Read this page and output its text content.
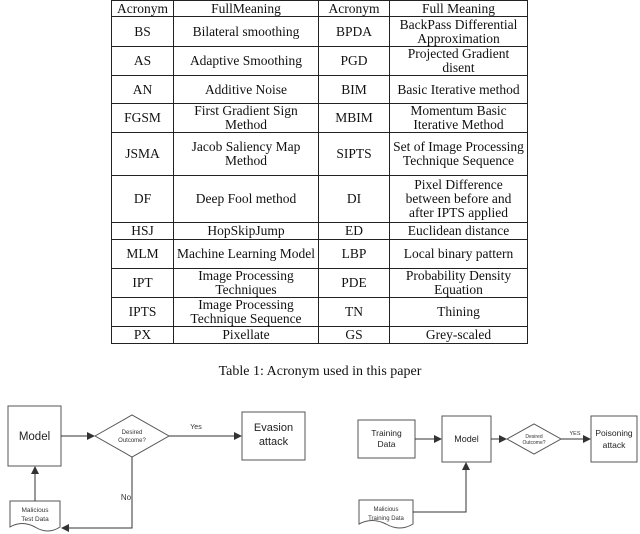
Acronym	FullMeaning	Acronym	Full Meaning
BS	Bilateral smoothing	BPDA	BackPass Differential Approximation
AS	Adaptive Smoothing	PGD	Projected Gradient disent
AN	Additive Noise	BIM	Basic Iterative method
FGSM	First Gradient Sign Method	MBIM	Momentum Basic Iterative Method
JSMA	Jacob Saliency Map Method	SIPTS	Set of Image Processing Technique Sequence
DF	Deep Fool method	DI	Pixel Difference between before and after IPTS applied
HSJ	HopSkipJump	ED	Euclidean distance
MLM	Machine Learning Model	LBP	Local binary pattern
IPT	Image Processing Techniques	PDE	Probability Density Equation
IPTS	Image Processing Technique Sequence	TN	Thining
PX	Pixellate	GS	Grey-scaled
Table 1: Acronym used in this paper
Model	Desired
Outcome?
Yes	Evasion
attack
No
Malicious
Test Data
Training
Data	Model	Desired
Outcome?
YES Poisoning
attack
Malicious
Training Data
